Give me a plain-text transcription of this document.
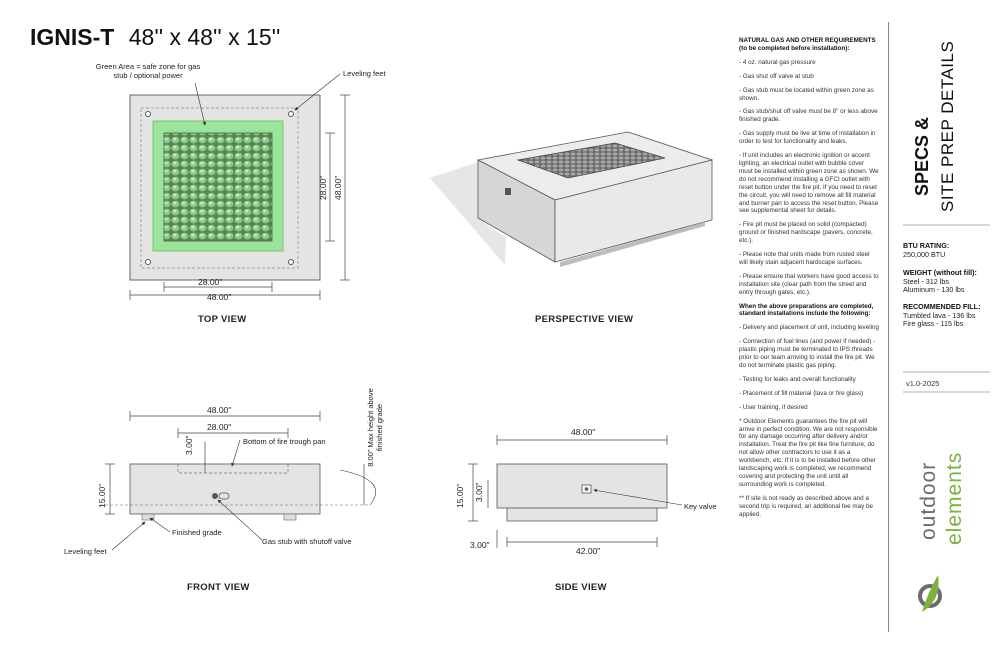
IGNIS-T 48'' x 48'' x 15''
Green Area = safe zone for gas stub / optional power	Leveling feet
28.00"
48.00"
28.00" 48.00"
TOP VIEW	PERSPECTIVE VIEW
48.00"
28.00"
3.00"
15.00"
Bottom of fire trough pan	8.00" Max height above finished grade
Finished grade
Gas stub with shutoff valve
Leveling feet
FRONT VIEW
48.00"
15.00" 3.00"
3.00"
42.00"
Key valve
SIDE VIEW

NATURAL GAS AND OTHER REQUIREMENTS (to be completed before installation):

- 4 oz. natural gas pressure

- Gas shut off valve at stub

- Gas stub must be located within green zone as shown.

- Gas stub/shut off valve must be 8" or less above finished grade.

- Gas supply must be live at time of installation in order to test for functionality and leaks.

- If unit includes an electronic ignition or accent lighting, an electrical outlet with bubble cover must be installed within green zone as shown. We do not recommend installing a GFCI outlet with reset button under the fire pit. If you need to reset the circuit, you will need to remove all fill material and burner pan to access the reset button. Please see supplemental sheet for details.

- Fire pit must be placed on solid (compacted) ground or finished hardscape (pavers, concrete, etc.).

- Please note that units made from rusted steel will likely stain adjacent hardscape surfaces.

- Please ensure that workers have good access to installation site (clear path from the street and entry through gates, etc.).

When the above preparations are completed, standard installations include the following:

- Delivery and placement of unit, including leveling

- Connection of fuel lines (and power if needed) - plastic piping must be terminated to IPS threads prior to our team arriving to install the fire pit. We do not terminate plastic gas piping.

- Testing for leaks and overall functionality

- Placement of fill material (lava or fire glass)

- User training, if desired

* Outdoor Elements guarantees the fire pit will arrive in perfect condition. We are not responsible for any damage occurring after delivery and/or installation. Treat the fire pit like fine furniture, do not allow other contractors to use it as a workbench, etc. If it is to be installed before other landscaping work is completed, we recommend covering and protecting the unit until all surrounding work is completed.

** If site is not ready as described above and a second trip is required, an additional fee may be applied.

SPECS & SITE PREP DETAILS
BTU RATING:
250,000 BTU
WEIGHT (without fill):
Steel - 312 lbs
Aluminum - 130 lbs
RECOMMENDED FILL:
Tumbled lava - 136 lbs
Fire glass - 115 lbs
v1.0-2025
outdoor elements
